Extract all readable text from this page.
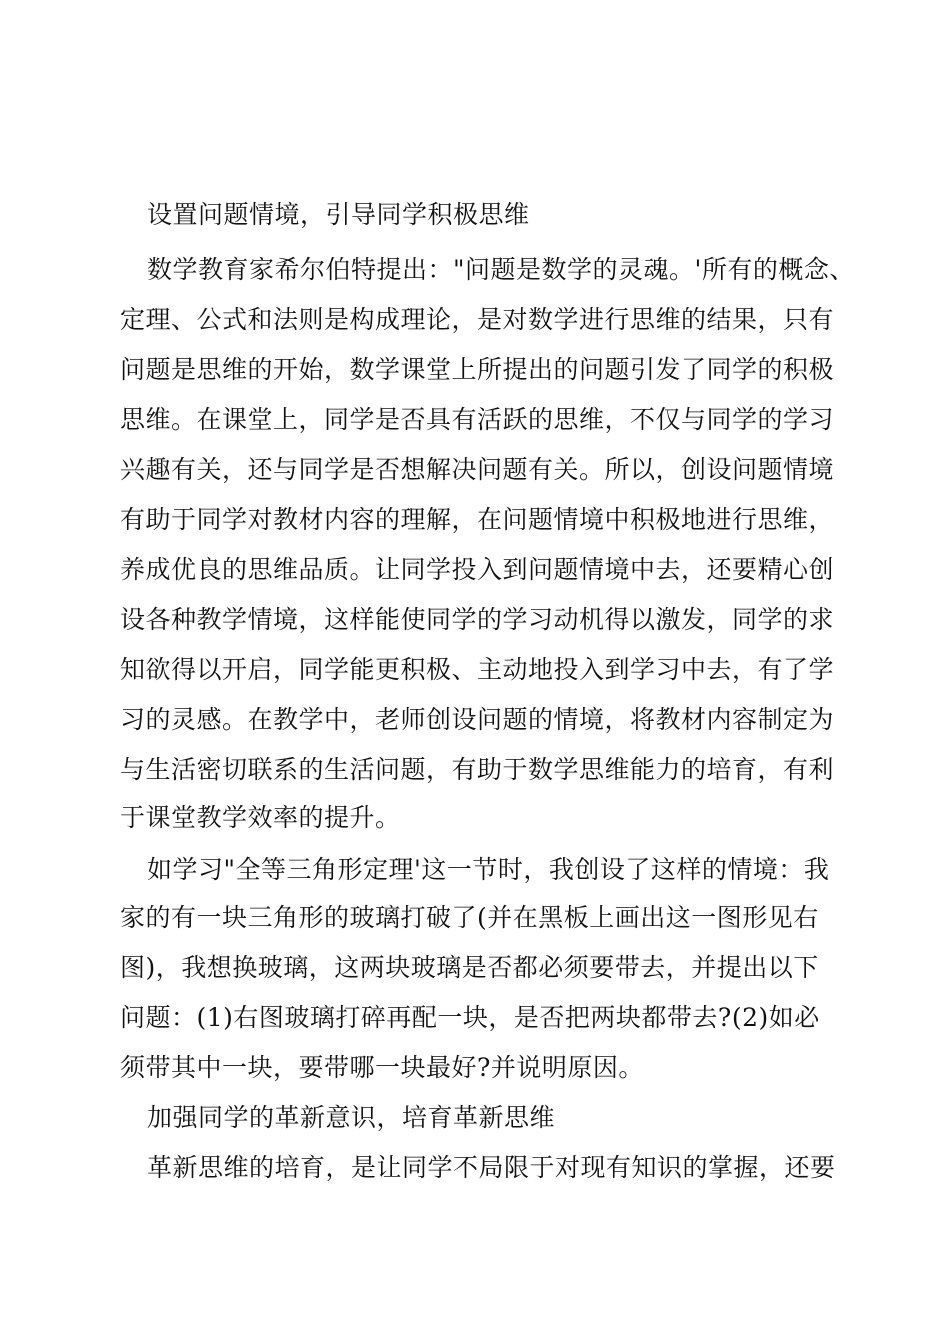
设置问题情境，引导同学积极思维
数学教育家希尔伯特提出："问题是数学的灵魂。'所有的概念、
定理、公式和法则是构成理论，是对数学进行思维的结果，只有
问题是思维的开始，数学课堂上所提出的问题引发了同学的积极
思维。在课堂上，同学是否具有活跃的思维，不仅与同学的学习
兴趣有关，还与同学是否想解决问题有关。所以，创设问题情境
有助于同学对教材内容的理解，在问题情境中积极地进行思维，
养成优良的思维品质。让同学投入到问题情境中去，还要精心创
设各种教学情境，这样能使同学的学习动机得以激发，同学的求
知欲得以开启，同学能更积极、主动地投入到学习中去，有了学
习的灵感。在教学中，老师创设问题的情境，将教材内容制定为
与生活密切联系的生活问题，有助于数学思维能力的培育，有利
于课堂教学效率的提升。
如学习"全等三角形定理'这一节时，我创设了这样的情境：我
家的有一块三角形的玻璃打破了(并在黑板上画出这一图形见右
图)，我想换玻璃，这两块玻璃是否都必须要带去，并提出以下
问题：(1)右图玻璃打碎再配一块，是否把两块都带去?(2)如必
须带其中一块，要带哪一块最好?并说明原因。
加强同学的革新意识，培育革新思维
革新思维的培育，是让同学不局限于对现有知识的掌握，还要
